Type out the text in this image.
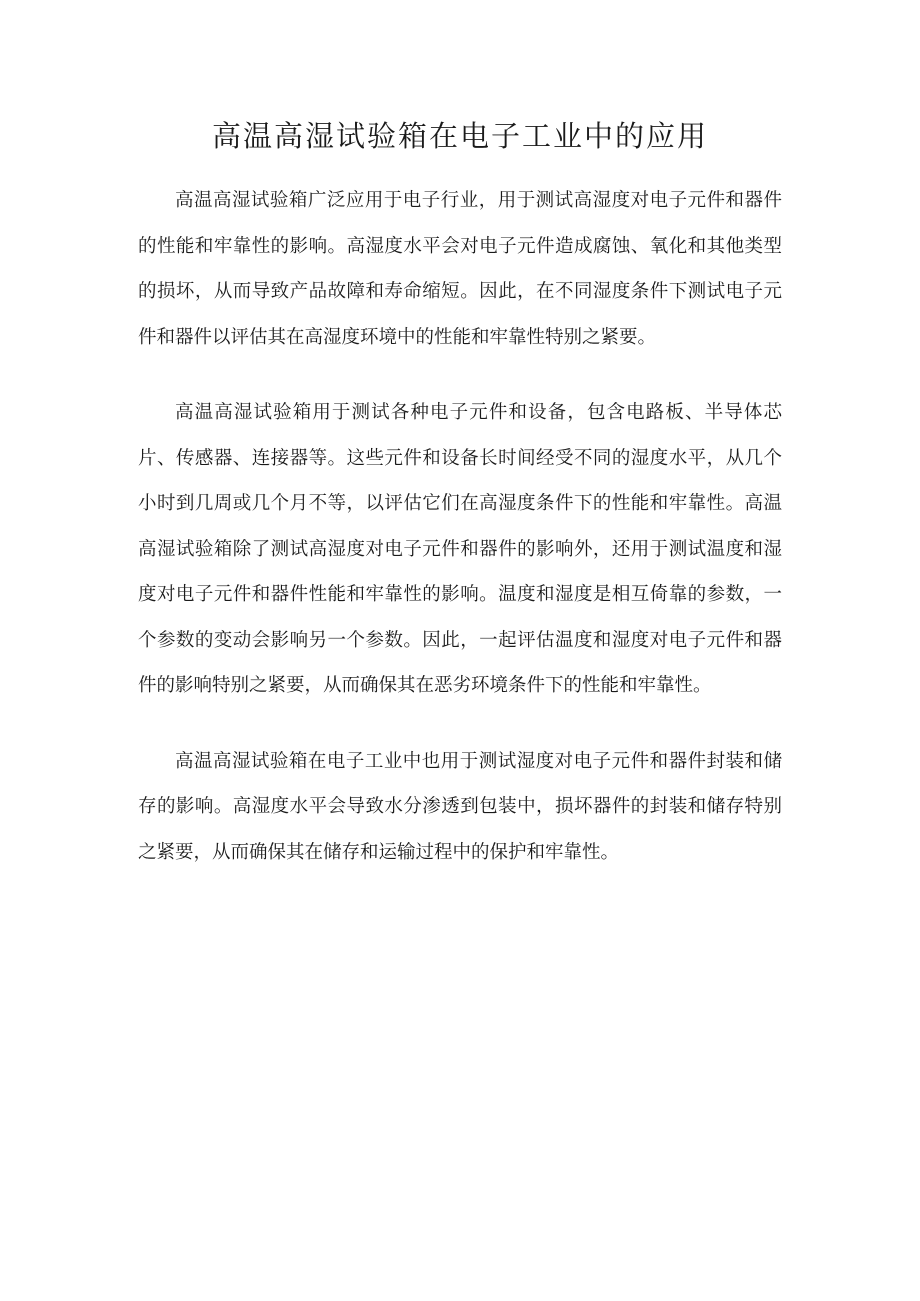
高温高湿试验箱在电子工业中的应用

高温高湿试验箱广泛应用于电子行业，用于测试高湿度对电子元件和器件的性能和牢靠性的影响。高湿度水平会对电子元件造成腐蚀、氧化和其他类型的损坏，从而导致产品故障和寿命缩短。因此，在不同湿度条件下测试电子元件和器件以评估其在高湿度环境中的性能和牢靠性特别之紧要。

高温高湿试验箱用于测试各种电子元件和设备，包含电路板、半导体芯片、传感器、连接器等。这些元件和设备长时间经受不同的湿度水平，从几个小时到几周或几个月不等，以评估它们在高湿度条件下的性能和牢靠性。高温高湿试验箱除了测试高湿度对电子元件和器件的影响外，还用于测试温度和湿度对电子元件和器件性能和牢靠性的影响。温度和湿度是相互倚靠的参数，一个参数的变动会影响另一个参数。因此，一起评估温度和湿度对电子元件和器件的影响特别之紧要，从而确保其在恶劣环境条件下的性能和牢靠性。

高温高湿试验箱在电子工业中也用于测试湿度对电子元件和器件封装和储存的影响。高湿度水平会导致水分渗透到包装中，损坏器件的封装和储存特别之紧要，从而确保其在储存和运输过程中的保护和牢靠性。
